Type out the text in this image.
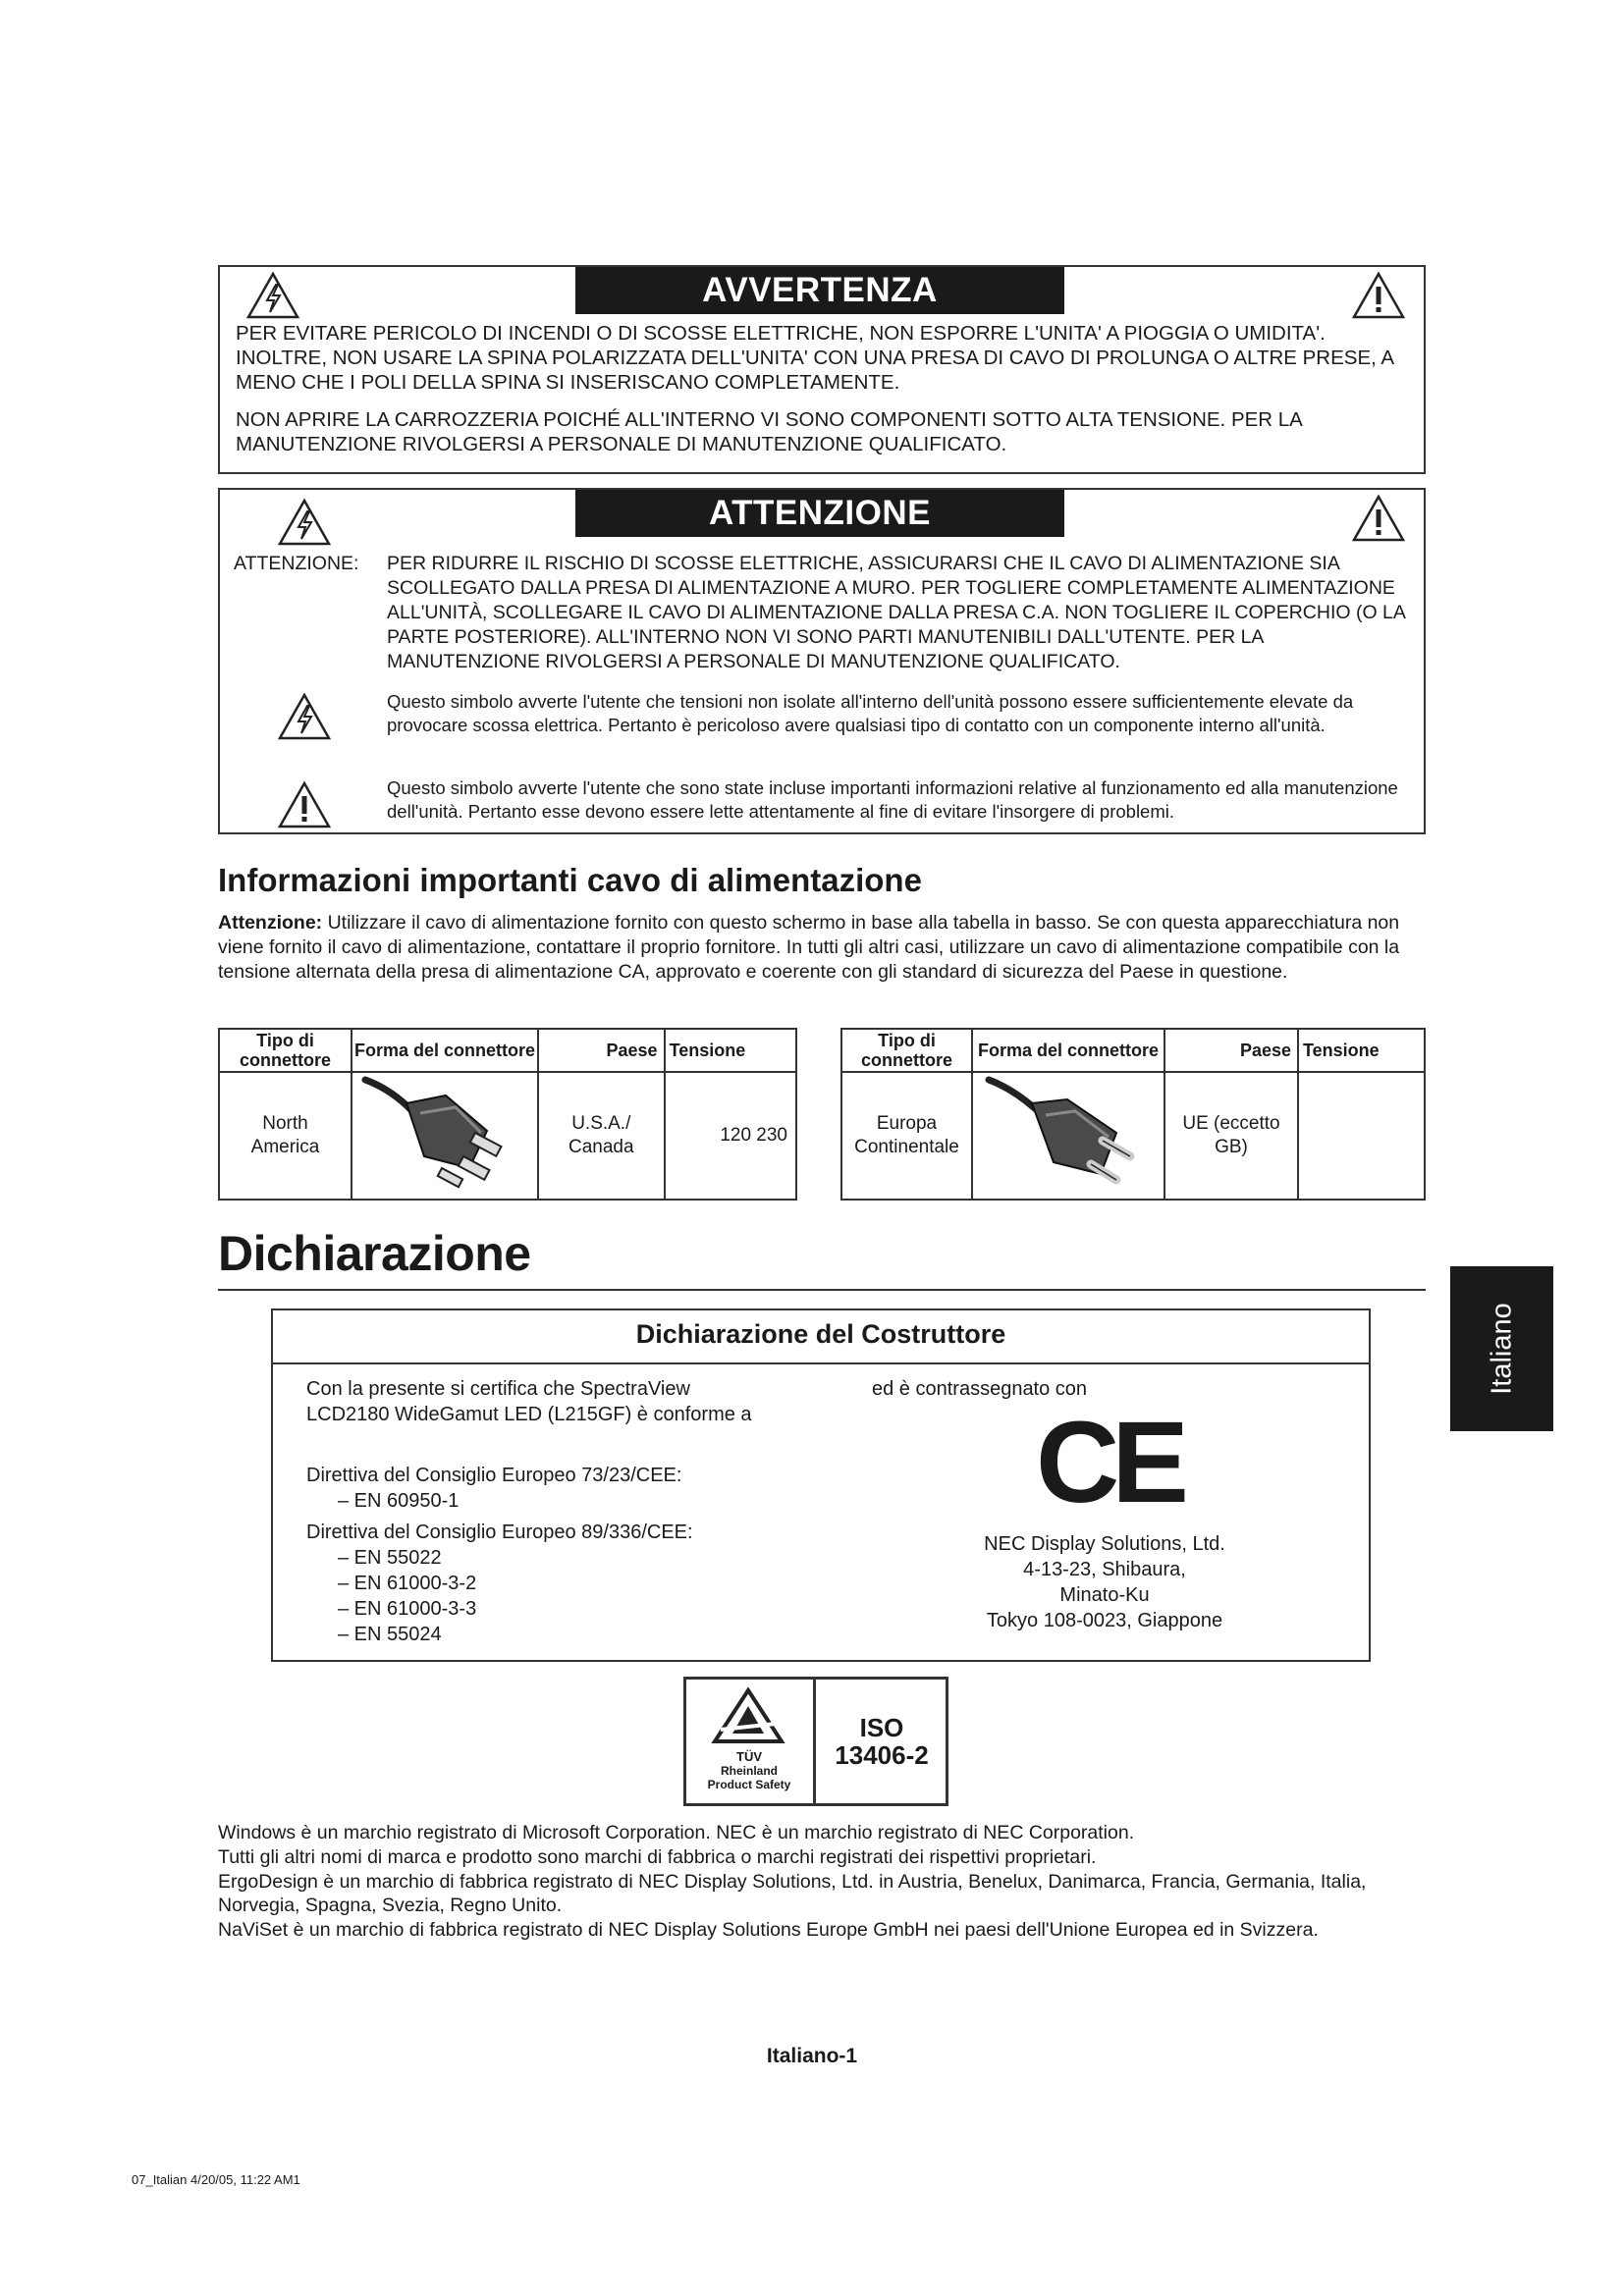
AVVERTENZA

PER EVITARE PERICOLO DI INCENDI O DI SCOSSE ELETTRICHE, NON ESPORRE L'UNITA' A PIOGGIA O UMIDITA'. INOLTRE, NON USARE LA SPINA POLARIZZATA DELL'UNITA' CON UNA PRESA DI CAVO DI PROLUNGA O ALTRE PRESE, A MENO CHE I POLI DELLA SPINA SI INSERISCANO COMPLETAMENTE.

NON APRIRE LA CARROZZERIA POICHÉ ALL'INTERNO VI SONO COMPONENTI SOTTO ALTA TENSIONE. PER LA MANUTENZIONE RIVOLGERSI A PERSONALE DI MANUTENZIONE QUALIFICATO.

ATTENZIONE

ATTENZIONE:	PER RIDURRE IL RISCHIO DI SCOSSE ELETTRICHE, ASSICURARSI CHE IL CAVO DI ALIMENTAZIONE SIA SCOLLEGATO DALLA PRESA DI ALIMENTAZIONE A MURO. PER TOGLIERE COMPLETAMENTE ALIMENTAZIONE ALL'UNITÀ, SCOLLEGARE IL CAVO DI ALIMENTAZIONE DALLA PRESA C.A. NON TOGLIERE IL COPERCHIO (O LA PARTE POSTERIORE). ALL'INTERNO NON VI SONO PARTI MANUTENIBILI DALL'UTENTE. PER LA MANUTENZIONE RIVOLGERSI A PERSONALE DI MANUTENZIONE QUALIFICATO.

Questo simbolo avverte l'utente che tensioni non isolate all'interno dell'unità possono essere sufficientemente elevate da provocare scossa elettrica. Pertanto è pericoloso avere qualsiasi tipo di contatto con un componente interno all'unità.

Questo simbolo avverte l'utente che sono state incluse importanti informazioni relative al funzionamento ed alla manutenzione dell'unità. Pertanto esse devono essere lette attentamente al fine di evitare l'insorgere di problemi.

Informazioni importanti cavo di alimentazione

Attenzione: Utilizzare il cavo di alimentazione fornito con questo schermo in base alla tabella in basso. Se con questa apparecchiatura non viene fornito il cavo di alimentazione, contattare il proprio fornitore. In tutti gli altri casi, utilizzare un cavo di alimentazione compatibile con la tensione alternata della presa di alimentazione CA, approvato e coerente con gli standard di sicurezza del Paese in questione.

Tipo di connettore	Forma del connettore	Paese	Tensione
North America		U.S.A./ Canada	120 230
Tipo di connettore	Forma del connettore	Paese	Tensione
Europa Continentale		UE (eccetto GB)	

Dichiarazione

Dichiarazione del Costruttore

Con la presente si certifica che SpectraView LCD2180 WideGamut LED (L215GF) è conforme a

Direttiva del Consiglio Europeo 73/23/CEE:

– EN 60950-1

Direttiva del Consiglio Europeo 89/336/CEE:

– EN 55022

– EN 61000-3-2

– EN 61000-3-3

– EN 55024

ed è contrassegnato con

CE

NEC Display Solutions, Ltd.

4-13-23, Shibaura,

Minato-Ku

Tokyo 108-0023, Giappone

TÜV

Rheinland

Product Safety

ISO

13406-2

Windows è un marchio registrato di Microsoft Corporation. NEC è un marchio registrato di NEC Corporation.

Tutti gli altri nomi di marca e prodotto sono marchi di fabbrica o marchi registrati dei rispettivi proprietari.

ErgoDesign è un marchio di fabbrica registrato di NEC Display Solutions, Ltd. in Austria, Benelux, Danimarca, Francia, Germania, Italia, Norvegia, Spagna, Svezia, Regno Unito.

NaViSet è un marchio di fabbrica registrato di NEC Display Solutions Europe GmbH nei paesi dell'Unione Europea ed in Svizzera.

Italiano

Italiano-1

07_Italian 4/20/05, 11:22 AM1
